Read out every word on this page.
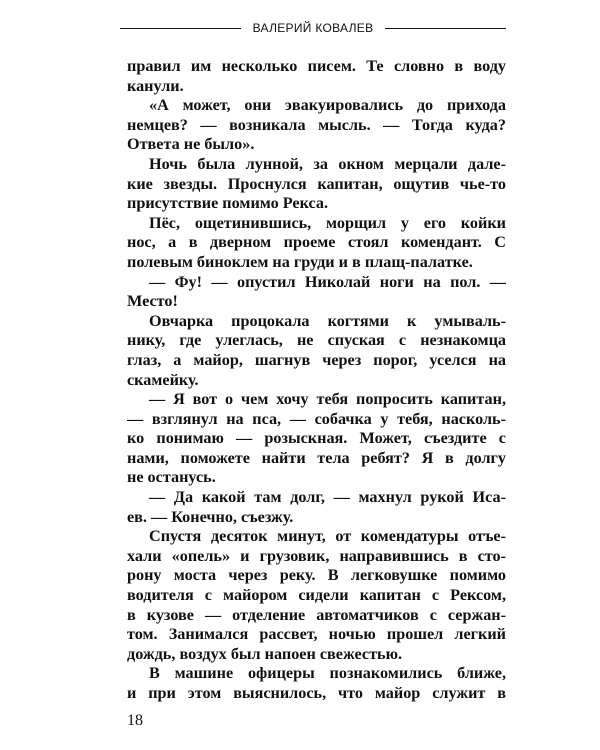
ВАЛЕРИЙ КОВАЛЕВ
правил им несколько писем. Те словно в воду
канули.
«А может, они эвакуировались до прихода
немцев? — возникала мысль. — Тогда куда?
Ответа не было».
Ночь была лунной, за окном мерцали дале-
кие звезды. Проснулся капитан, ощутив чье-то
присутствие помимо Рекса.
Пёс, ощетинившись, морщил у его койки
нос, а в дверном проеме стоял комендант. С
полевым биноклем на груди и в плащ-палатке.
— Фу! — опустил Николай ноги на пол. —
Место!
Овчарка процокала когтями к умываль-
нику, где улеглась, не спуская с незнакомца
глаз, а майор, шагнув через порог, уселся на
скамейку.
— Я вот о чем хочу тебя попросить капитан,
— взглянул на пса, — собачка у тебя, насколь-
ко понимаю — розыскная. Может, съездите с
нами, поможете найти тела ребят? Я в долгу
не останусь.
— Да какой там долг, — махнул рукой Иса-
ев. — Конечно, съезжу.
Спустя десяток минут, от комендатуры отъе-
хали «опель» и грузовик, направившись в сто-
рону моста через реку. В легковушке помимо
водителя с майором сидели капитан с Рексом,
в кузове — отделение автоматчиков с сержан-
том. Занимался рассвет, ночью прошел легкий
дождь, воздух был напоен свежестью.
В машине офицеры познакомились ближе,
и при этом выяснилось, что майор служит в
18
